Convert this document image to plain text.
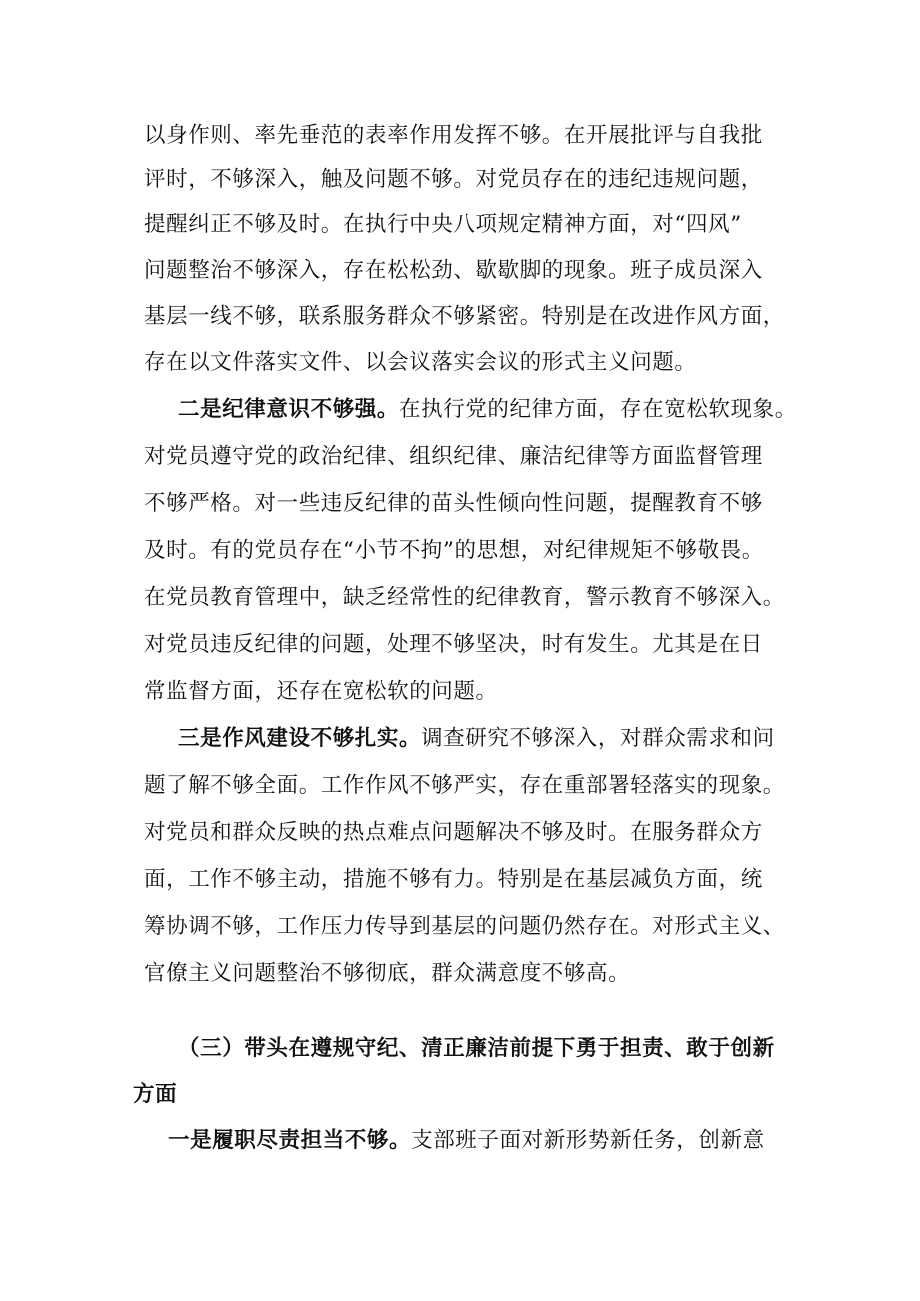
以身作则、率先垂范的表率作用发挥不够。在开展批评与自我批
评时，不够深入，触及问题不够。对党员存在的违纪违规问题，
提醒纠正不够及时。在执行中央八项规定精神方面，对“四风”
问题整治不够深入，存在松松劲、歇歇脚的现象。班子成员深入
基层一线不够，联系服务群众不够紧密。特别是在改进作风方面，
存在以文件落实文件、以会议落实会议的形式主义问题。
二是纪律意识不够强。在执行党的纪律方面，存在宽松软现象。
对党员遵守党的政治纪律、组织纪律、廉洁纪律等方面监督管理
不够严格。对一些违反纪律的苗头性倾向性问题，提醒教育不够
及时。有的党员存在“小节不拘”的思想，对纪律规矩不够敬畏。
在党员教育管理中，缺乏经常性的纪律教育，警示教育不够深入。
对党员违反纪律的问题，处理不够坚决，时有发生。尤其是在日
常监督方面，还存在宽松软的问题。
三是作风建设不够扎实。调查研究不够深入，对群众需求和问
题了解不够全面。工作作风不够严实，存在重部署轻落实的现象。
对党员和群众反映的热点难点问题解决不够及时。在服务群众方
面，工作不够主动，措施不够有力。特别是在基层减负方面，统
筹协调不够，工作压力传导到基层的问题仍然存在。对形式主义、
官僚主义问题整治不够彻底，群众满意度不够高。
（三）带头在遵规守纪、清正廉洁前提下勇于担责、敢于创新
方面
一是履职尽责担当不够。支部班子面对新形势新任务，创新意
